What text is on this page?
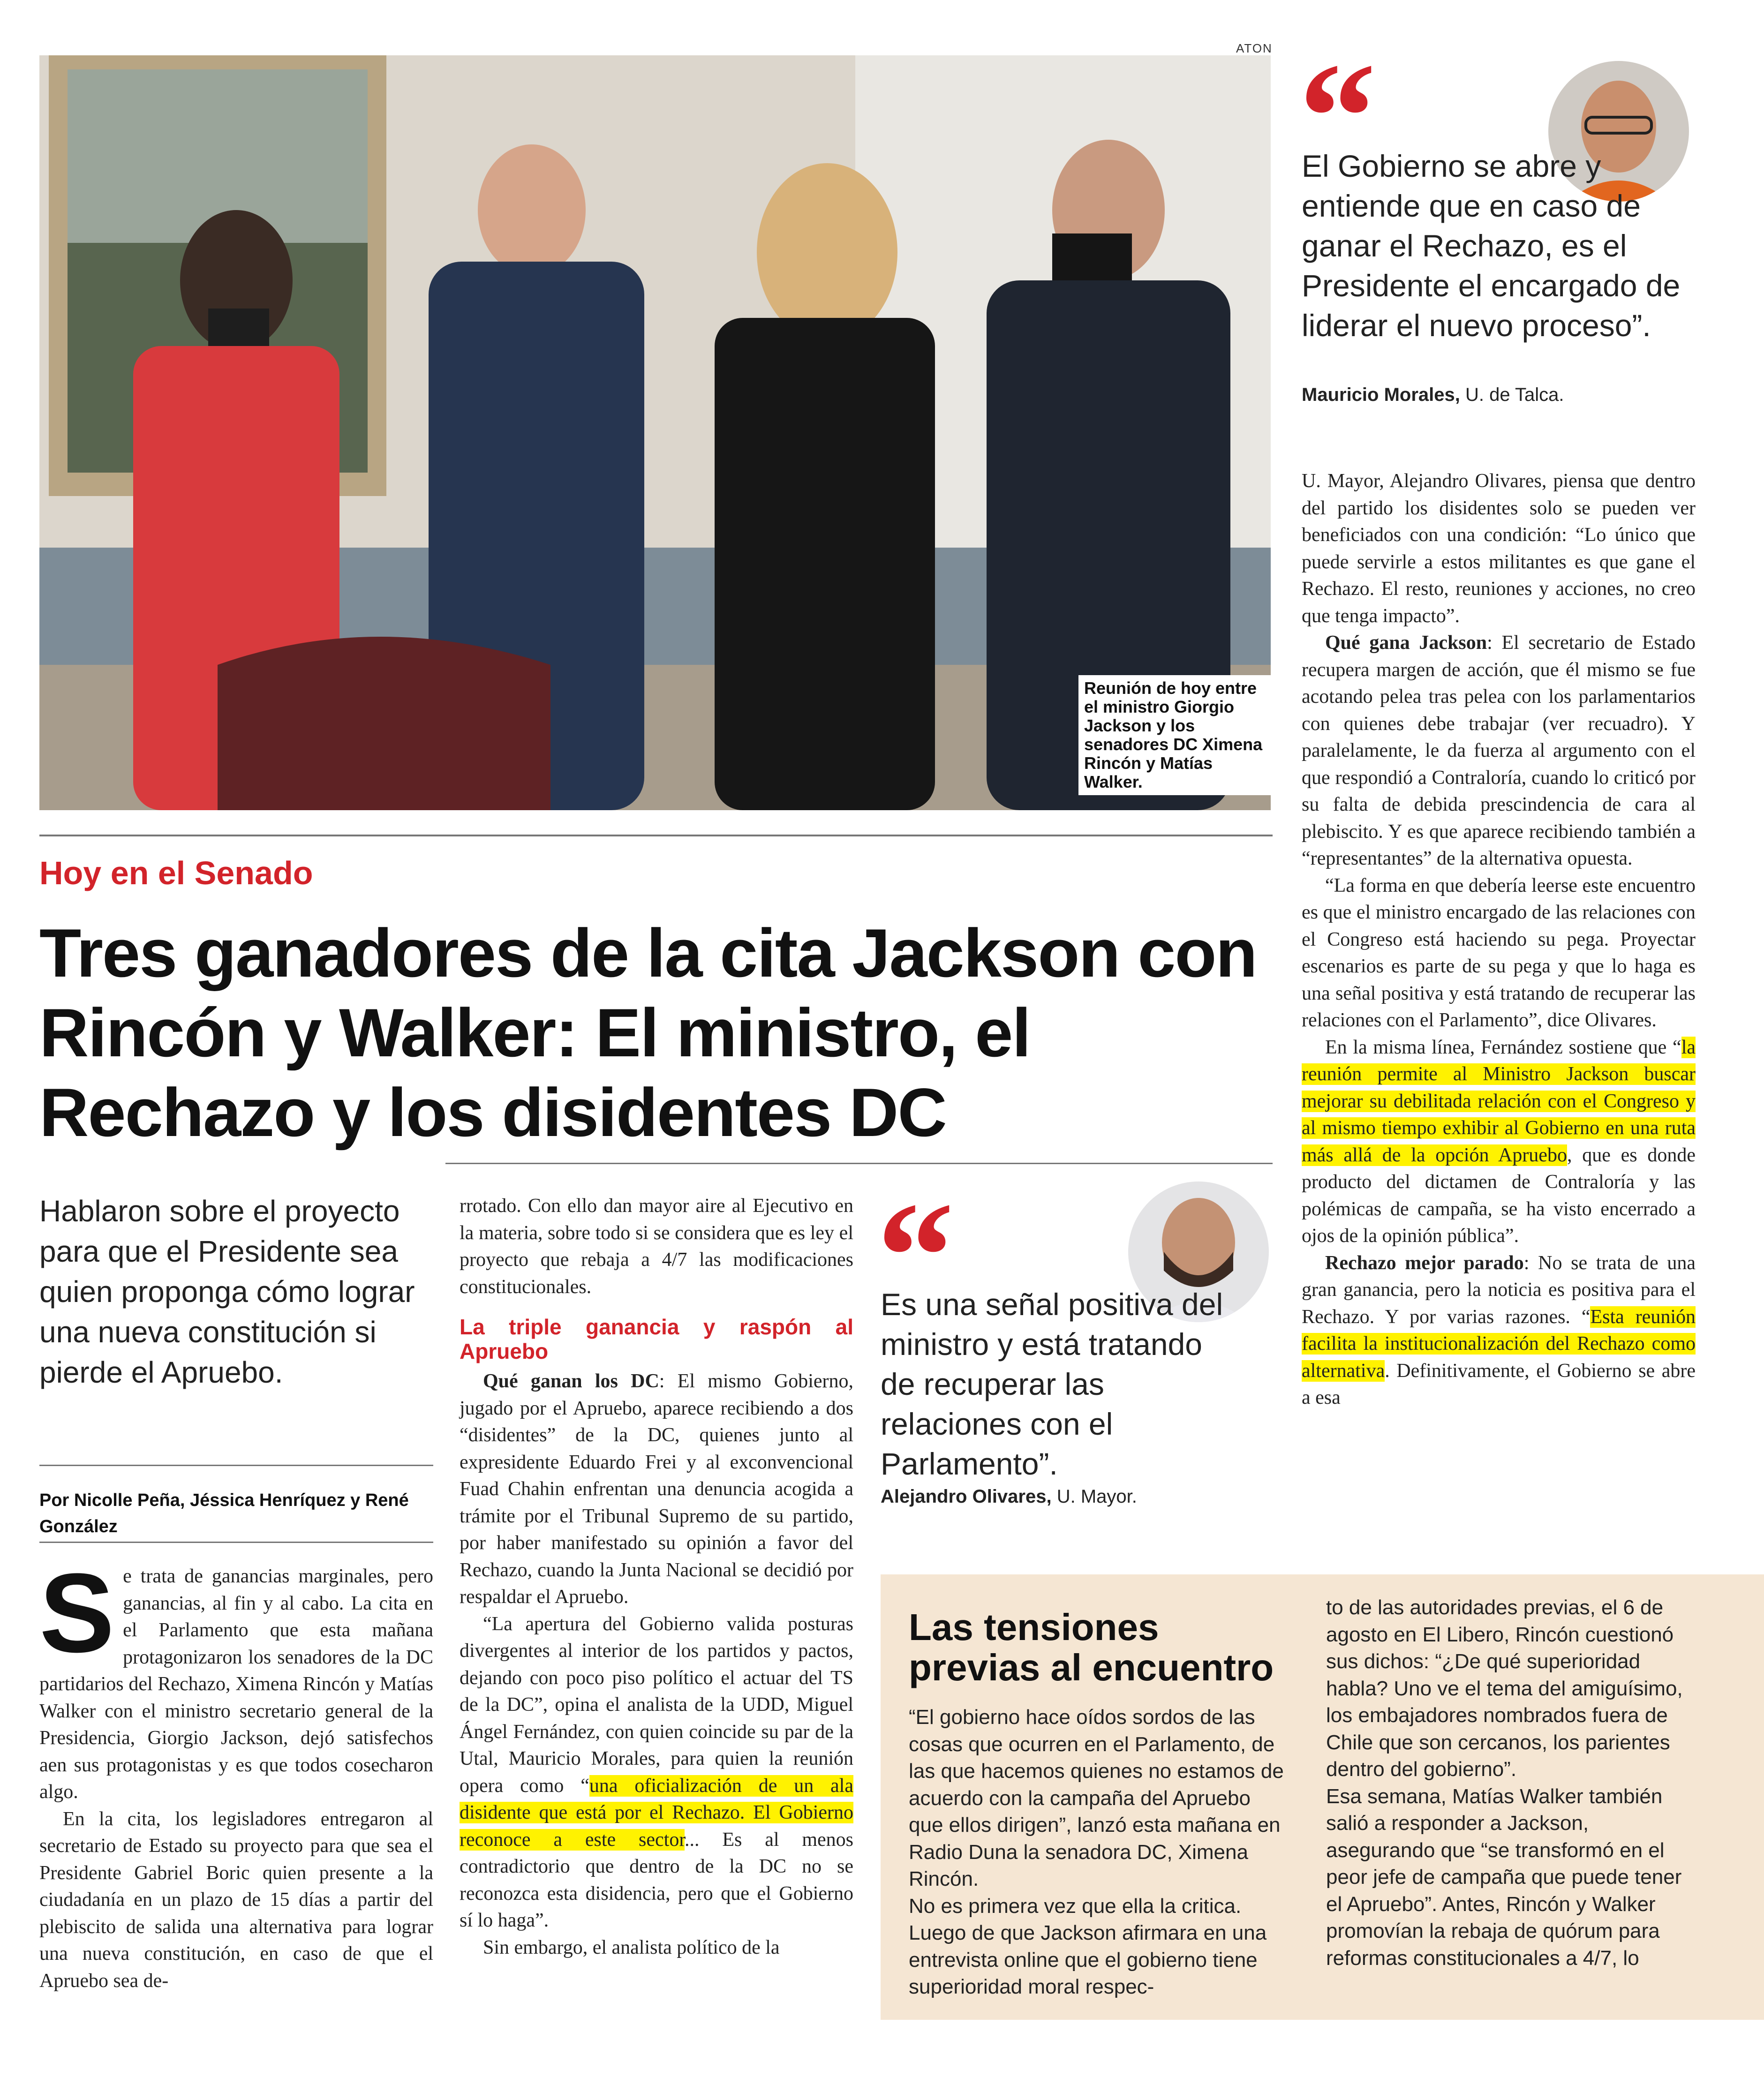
ATON
Reunión de hoy entre el ministro Giorgio Jackson y los senadores DC Ximena Rincón y Matías Walker.
“
El Gobierno se abre y entiende que en caso de ganar el Rechazo, es el Presidente el encargado de liderar el nuevo proceso”.
Mauricio Morales, U. de Talca.
Hoy en el Senado
Tres ganadores de la cita Jackson con Rincón y Walker: El ministro, el Rechazo y los disidentes DC
Hablaron sobre el proyecto para que el Presidente sea quien proponga cómo lograr una nueva constitución si pierde el Apruebo.
Por Nicolle Peña, Jéssica Henríquez y René González

Se trata de ganancias marginales, pero ganancias, al fin y al cabo. La cita en el Parlamento que esta mañana protagonizaron los senadores de la DC partidarios del Rechazo, Ximena Rincón y Matías Walker con el ministro secretario general de la Presidencia, Giorgio Jackson, dejó satisfechos aen sus protagonistas y es que todos cosecharon algo.

En la cita, los legisladores entregaron al secretario de Estado su proyecto para que sea el Presidente Gabriel Boric quien presente a la ciudadanía en un plazo de 15 días a partir del plebiscito de salida una alternativa para lograr una nueva constitución, en caso de que el Apruebo sea de-

rrotado. Con ello dan mayor aire al Ejecutivo en la materia, sobre todo si se considera que es ley el proyecto que rebaja a 4/7 las modificaciones constitucionales.

La triple ganancia y raspón al Apruebo

Qué ganan los DC: El mismo Gobierno, jugado por el Apruebo, aparece recibiendo a dos “disidentes” de la DC, quienes junto al expresidente Eduardo Frei y al exconvencional Fuad Chahin enfrentan una denuncia acogida a trámite por el Tribunal Supremo de su partido, por haber manifestado su opinión a favor del Rechazo, cuando la Junta Nacional se decidió por respaldar el Apruebo.

“La apertura del Gobierno valida posturas divergentes al interior de los partidos y pactos, dejando con poco piso político el actuar del TS de la DC”, opina el analista de la UDD, Miguel Ángel Fernández, con quien coincide su par de la Utal, Mauricio Morales, para quien la reunión opera como “una oficialización de un ala disidente que está por el Rechazo. El Gobierno reconoce a este sector... Es al menos contradictorio que dentro de la DC no se reconozca esta disidencia, pero que el Gobierno sí lo haga”.

Sin embargo, el analista político de la

“
Es una señal positiva del ministro y está tratando de recuperar las relaciones con el Parlamento”.
Alejandro Olivares, U. Mayor.

U. Mayor, Alejandro Olivares, piensa que dentro del partido los disidentes solo se pueden ver beneficiados con una condición: “Lo único que puede servirle a estos militantes es que gane el Rechazo. El resto, reuniones y acciones, no creo que tenga impacto”.

Qué gana Jackson: El secretario de Estado recupera margen de acción, que él mismo se fue acotando pelea tras pelea con los parlamentarios con quienes debe trabajar (ver recuadro). Y paralelamente, le da fuerza al argumento con el que respondió a Contraloría, cuando lo criticó por su falta de debida prescindencia de cara al plebiscito. Y es que aparece recibiendo también a “representantes” de la alternativa opuesta.

“La forma en que debería leerse este encuentro es que el ministro encargado de las relaciones con el Congreso está haciendo su pega. Proyectar escenarios es parte de su pega y que lo haga es una señal positiva y está tratando de recuperar las relaciones con el Parlamento”, dice Olivares.

En la misma línea, Fernández sostiene que “la reunión permite al Ministro Jackson buscar mejorar su debilitada relación con el Congreso y al mismo tiempo exhibir al Gobierno en una ruta más allá de la opción Apruebo, que es donde producto del dictamen de Contraloría y las polémicas de campaña, se ha visto encerrado a ojos de la opinión pública”.

Rechazo mejor parado: No se trata de una gran ganancia, pero la noticia es positiva para el Rechazo. Y por varias razones. “Esta reunión facilita la institucionalización del Rechazo como alternativa. Definitivamente, el Gobierno se abre a esa

Las tensiones previas al encuentro

“El gobierno hace oídos sordos de las cosas que ocurren en el Parlamento, de las que hacemos quienes no estamos de acuerdo con la campaña del Apruebo que ellos dirigen”, lanzó esta mañana en Radio Duna la senadora DC, Ximena Rincón.

No es primera vez que ella la critica. Luego de que Jackson afirmara en una entrevista online que el gobierno tiene superioridad moral respec-

to de las autoridades previas, el 6 de agosto en El Libero, Rincón cuestionó sus dichos: “¿De qué superioridad habla? Uno ve el tema del amiguísimo, los embajadores nombrados fuera de Chile que son cercanos, los parientes dentro del gobierno”.

Esa semana, Matías Walker también salió a responder a Jackson, asegurando que “se transformó en el peor jefe de campaña que puede tener el Apruebo”. Antes, Rincón y Walker promovían la rebaja de quórum para reformas constitucionales a 4/7, lo
